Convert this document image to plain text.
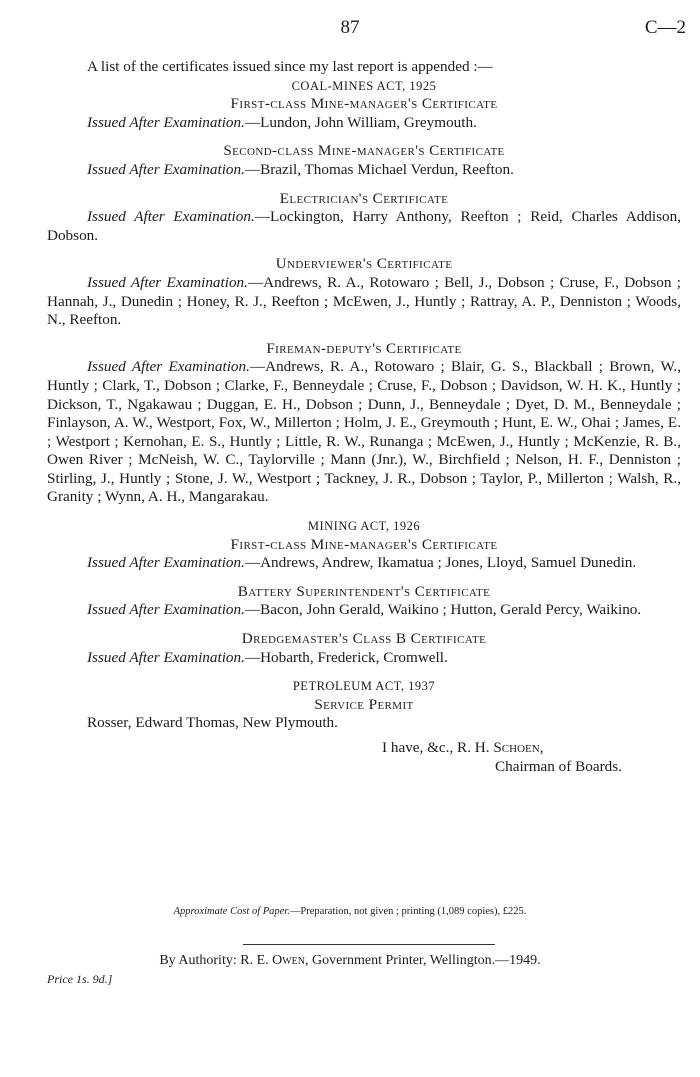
87	C—2

A list of the certificates issued since my last report is appended :—

COAL-MINES ACT, 1925

First-class Mine-manager's Certificate

Issued After Examination.—Lundon, John William, Greymouth.

Second-class Mine-manager's Certificate

Issued After Examination.—Brazil, Thomas Michael Verdun, Reefton.

Electrician's Certificate

Issued After Examination.—Lockington, Harry Anthony, Reefton ; Reid, Charles Addison, Dobson.

Underviewer's Certificate

Issued After Examination.—Andrews, R. A., Rotowaro ; Bell, J., Dobson ; Cruse, F., Dobson ; Hannah, J., Dunedin ; Honey, R. J., Reefton ; McEwen, J., Huntly ; Rattray, A. P., Denniston ; Woods, N., Reefton.

Fireman-deputy's Certificate

Issued After Examination.—Andrews, R. A., Rotowaro ; Blair, G. S., Blackball ; Brown, W., Huntly ; Clark, T., Dobson ; Clarke, F., Benneydale ; Cruse, F., Dobson ; Davidson, W. H. K., Huntly ; Dickson, T., Ngakawau ; Duggan, E. H., Dobson ; Dunn, J., Benneydale ; Dyet, D. M., Benneydale ; Finlayson, A. W., Westport, Fox, W., Millerton ; Holm, J. E., Greymouth ; Hunt, E. W., Ohai ; James, E. ; Westport ; Kernohan, E. S., Huntly ; Little, R. W., Runanga ; McEwen, J., Huntly ; McKenzie, R. B., Owen River ; McNeish, W. C., Taylorville ; Mann (Jnr.), W., Birchfield ; Nelson, H. F., Denniston ; Stirling, J., Huntly ; Stone, J. W., Westport ; Tackney, J. R., Dobson ; Taylor, P., Millerton ; Walsh, R., Granity ; Wynn, A. H., Mangarakau.

MINING ACT, 1926

First-class Mine-manager's Certificate

Issued After Examination.—Andrews, Andrew, Ikamatua ; Jones, Lloyd, Samuel Dunedin.

Battery Superintendent's Certificate

Issued After Examination.—Bacon, John Gerald, Waikino ; Hutton, Gerald Percy, Waikino.

Dredgemaster's Class B Certificate

Issued After Examination.—Hobarth, Frederick, Cromwell.

PETROLEUM ACT, 1937

Service Permit

Rosser, Edward Thomas, New Plymouth.

I have, &c., R. H. Schoen,

Chairman of Boards.

Approximate Cost of Paper.—Preparation, not given ; printing (1,089 copies), £225.
By Authority: R. E. Owen, Government Printer, Wellington.—1949.
Price 1s. 9d.]
